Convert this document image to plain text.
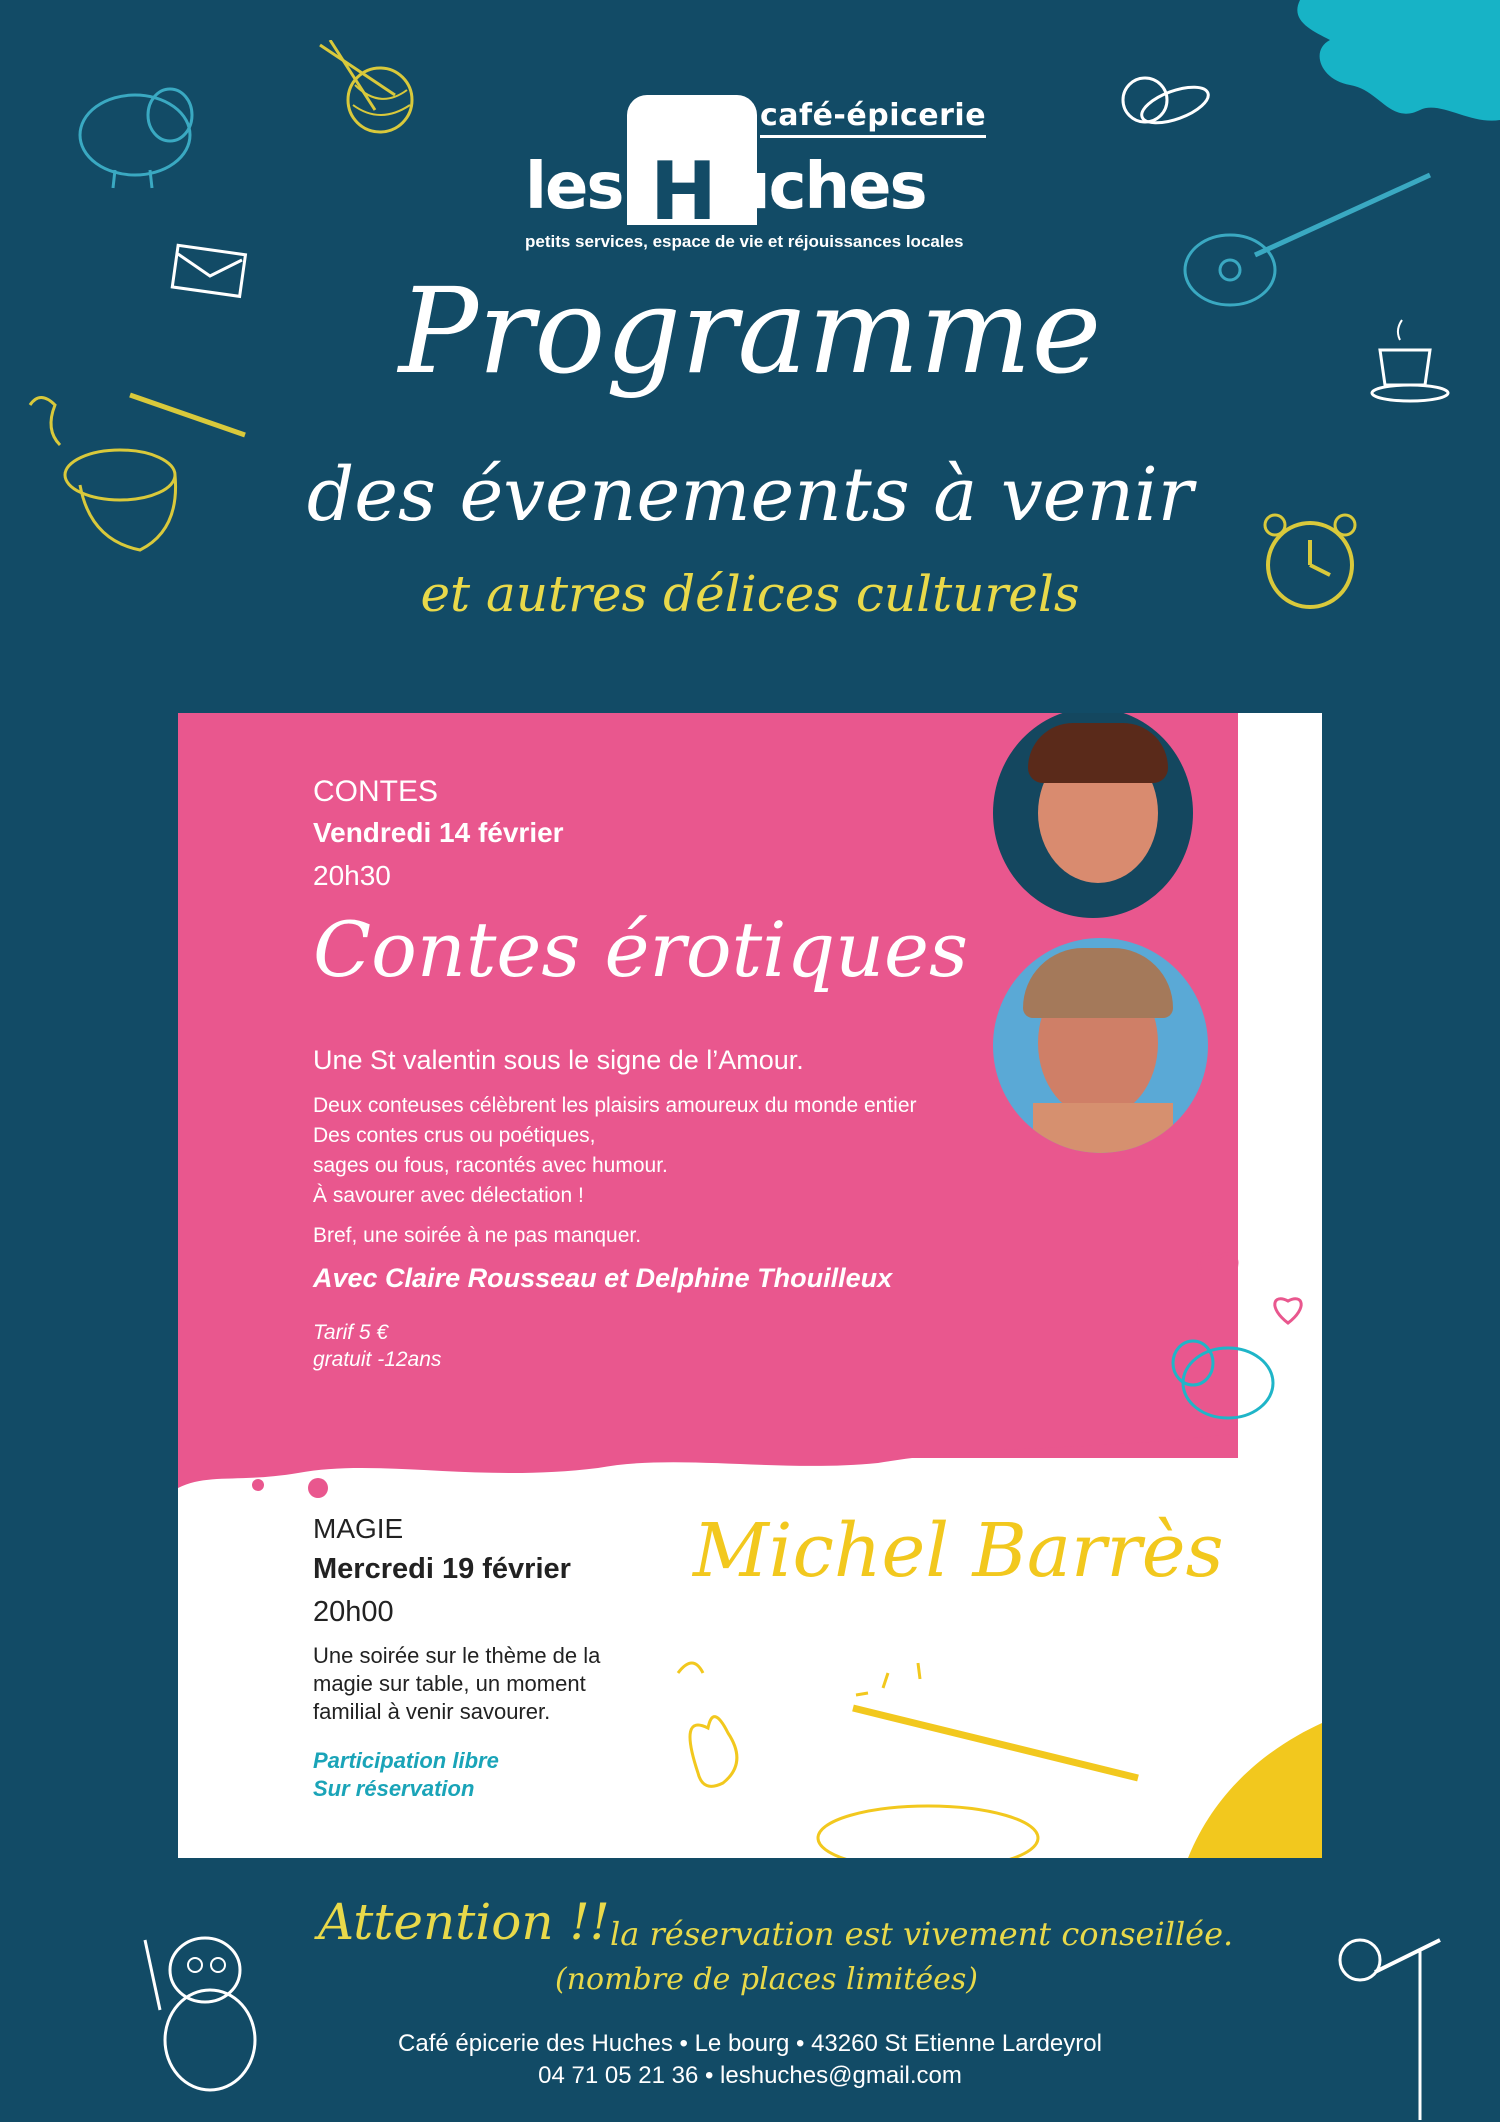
café-épicerie
les H uches
petits services, espace de vie et réjouissances locales
Programme
des évenements à venir
et autres délices culturels
CONTES
Vendredi 14 février
20h30
Contes érotiques
Une St valentin sous le signe de l’Amour.
Deux conteuses célèbrent les plaisirs amoureux du monde entier
Des contes crus ou poétiques,
sages ou fous, racontés avec humour.
À savourer avec délectation !
Bref, une soirée à ne pas manquer.
Avec Claire Rousseau et Delphine Thouilleux
Tarif 5 €
gratuit -12ans
MAGIE
Mercredi 19 février
20h00
Une soirée sur le thème de la
magie sur table, un moment
familial à venir savourer.
Participation libre
Sur réservation
Michel Barrès
Attention !! la réservation est vivement conseillée.
(nombre de places limitées)
Café épicerie des Huches • Le bourg • 43260 St Etienne Lardeyrol
04 71 05 21 36 • leshuches@gmail.com
